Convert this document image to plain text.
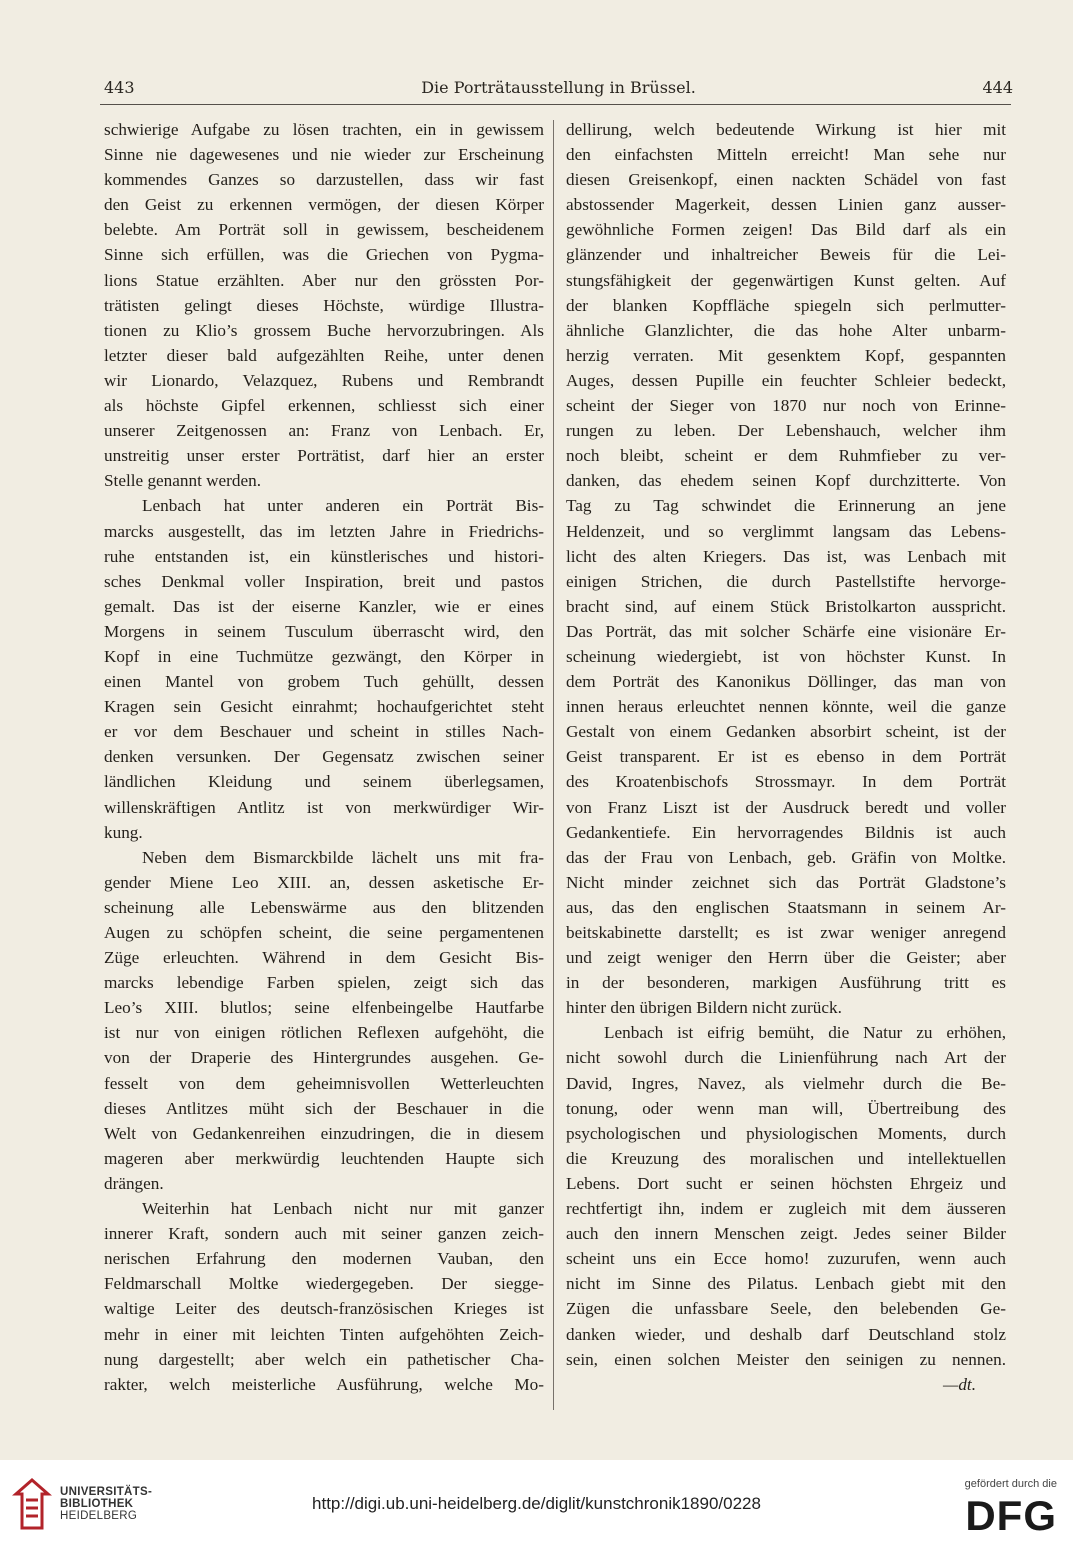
443	Die Porträtausstellung in Brüssel.	444
schwierige Aufgabe zu lösen trachten, ein in gewissem
Sinne nie dagewesenes und nie wieder zur Erscheinung
kommendes Ganzes so darzustellen, dass wir fast
den Geist zu erkennen vermögen, der diesen Körper
belebte. Am Porträt soll in gewissem, bescheidenem
Sinne sich erfüllen, was die Griechen von Pygma-
lions Statue erzählten. Aber nur den grössten Por-
trätisten gelingt dieses Höchste, würdige Illustra-
tionen zu Klio’s grossem Buche hervorzubringen. Als
letzter dieser bald aufgezählten Reihe, unter denen
wir Lionardo, Velazquez, Rubens und Rembrandt
als höchste Gipfel erkennen, schliesst sich einer
unserer Zeitgenossen an: Franz von Lenbach. Er,
unstreitig unser erster Porträtist, darf hier an erster
Stelle genannt werden.
Lenbach hat unter anderen ein Porträt Bis-
marcks ausgestellt, das im letzten Jahre in Friedrichs-
ruhe entstanden ist, ein künstlerisches und histori-
sches Denkmal voller Inspiration, breit und pastos
gemalt. Das ist der eiserne Kanzler, wie er eines
Morgens in seinem Tusculum überrascht wird, den
Kopf in eine Tuchmütze gezwängt, den Körper in
einen Mantel von grobem Tuch gehüllt, dessen
Kragen sein Gesicht einrahmt; hochaufgerichtet steht
er vor dem Beschauer und scheint in stilles Nach-
denken versunken. Der Gegensatz zwischen seiner
ländlichen Kleidung und seinem überlegsamen,
willenskräftigen Antlitz ist von merkwürdiger Wir-
kung.
Neben dem Bismarckbilde lächelt uns mit fra-
gender Miene Leo XIII. an, dessen asketische Er-
scheinung alle Lebenswärme aus den blitzenden
Augen zu schöpfen scheint, die seine pergamentenen
Züge erleuchten. Während in dem Gesicht Bis-
marcks lebendige Farben spielen, zeigt sich das
Leo’s XIII. blutlos; seine elfenbeingelbe Hautfarbe
ist nur von einigen rötlichen Reflexen aufgehöht, die
von der Draperie des Hintergrundes ausgehen. Ge-
fesselt von dem geheimnisvollen Wetterleuchten
dieses Antlitzes müht sich der Beschauer in die
Welt von Gedankenreihen einzudringen, die in diesem
mageren aber merkwürdig leuchtenden Haupte sich
drängen.
Weiterhin hat Lenbach nicht nur mit ganzer
innerer Kraft, sondern auch mit seiner ganzen zeich-
nerischen Erfahrung den modernen Vauban, den
Feldmarschall Moltke wiedergegeben. Der siegge-
waltige Leiter des deutsch-französischen Krieges ist
mehr in einer mit leichten Tinten aufgehöhten Zeich-
nung dargestellt; aber welch ein pathetischer Cha-
rakter, welch meisterliche Ausführung, welche Mo-
dellirung, welch bedeutende Wirkung ist hier mit
den einfachsten Mitteln erreicht! Man sehe nur
diesen Greisenkopf, einen nackten Schädel von fast
abstossender Magerkeit, dessen Linien ganz ausser-
gewöhnliche Formen zeigen! Das Bild darf als ein
glänzender und inhaltreicher Beweis für die Lei-
stungsfähigkeit der gegenwärtigen Kunst gelten. Auf
der blanken Kopffläche spiegeln sich perlmutter-
ähnliche Glanzlichter, die das hohe Alter unbarm-
herzig verraten. Mit gesenktem Kopf, gespannten
Auges, dessen Pupille ein feuchter Schleier bedeckt,
scheint der Sieger von 1870 nur noch von Erinne-
rungen zu leben. Der Lebenshauch, welcher ihm
noch bleibt, scheint er dem Ruhmfieber zu ver-
danken, das ehedem seinen Kopf durchzitterte. Von
Tag zu Tag schwindet die Erinnerung an jene
Heldenzeit, und so verglimmt langsam das Lebens-
licht des alten Kriegers. Das ist, was Lenbach mit
einigen Strichen, die durch Pastellstifte hervorge-
bracht sind, auf einem Stück Bristolkarton ausspricht.
Das Porträt, das mit solcher Schärfe eine visionäre Er-
scheinung wiedergiebt, ist von höchster Kunst. In
dem Porträt des Kanonikus Döllinger, das man von
innen heraus erleuchtet nennen könnte, weil die ganze
Gestalt von einem Gedanken absorbirt scheint, ist der
Geist transparent. Er ist es ebenso in dem Porträt
des Kroatenbischofs Strossmayr. In dem Porträt
von Franz Liszt ist der Ausdruck beredt und voller
Gedankentiefe. Ein hervorragendes Bildnis ist auch
das der Frau von Lenbach, geb. Gräfin von Moltke.
Nicht minder zeichnet sich das Porträt Gladstone’s
aus, das den englischen Staatsmann in seinem Ar-
beitskabinette darstellt; es ist zwar weniger anregend
und zeigt weniger den Herrn über die Geister; aber
in der besonderen, markigen Ausführung tritt es
hinter den übrigen Bildern nicht zurück.
Lenbach ist eifrig bemüht, die Natur zu erhöhen,
nicht sowohl durch die Linienführung nach Art der
David, Ingres, Navez, als vielmehr durch die Be-
tonung, oder wenn man will, Übertreibung des
psychologischen und physiologischen Moments, durch
die Kreuzung des moralischen und intellektuellen
Lebens. Dort sucht er seinen höchsten Ehrgeiz und
rechtfertigt ihn, indem er zugleich mit dem äusseren
auch den innern Menschen zeigt. Jedes seiner Bilder
scheint uns ein Ecce homo! zuzurufen, wenn auch
nicht im Sinne des Pilatus. Lenbach giebt mit den
Zügen die unfassbare Seele, den belebenden Ge-
danken wieder, und deshalb darf Deutschland stolz
sein, einen solchen Meister den seinigen zu nennen.
—dt.
UNIVERSITÄTS-
BIBLIOTHEK
HEIDELBERG
http://digi.ub.uni-heidelberg.de/diglit/kunstchronik1890/0228
gefördert durch die
DFG
